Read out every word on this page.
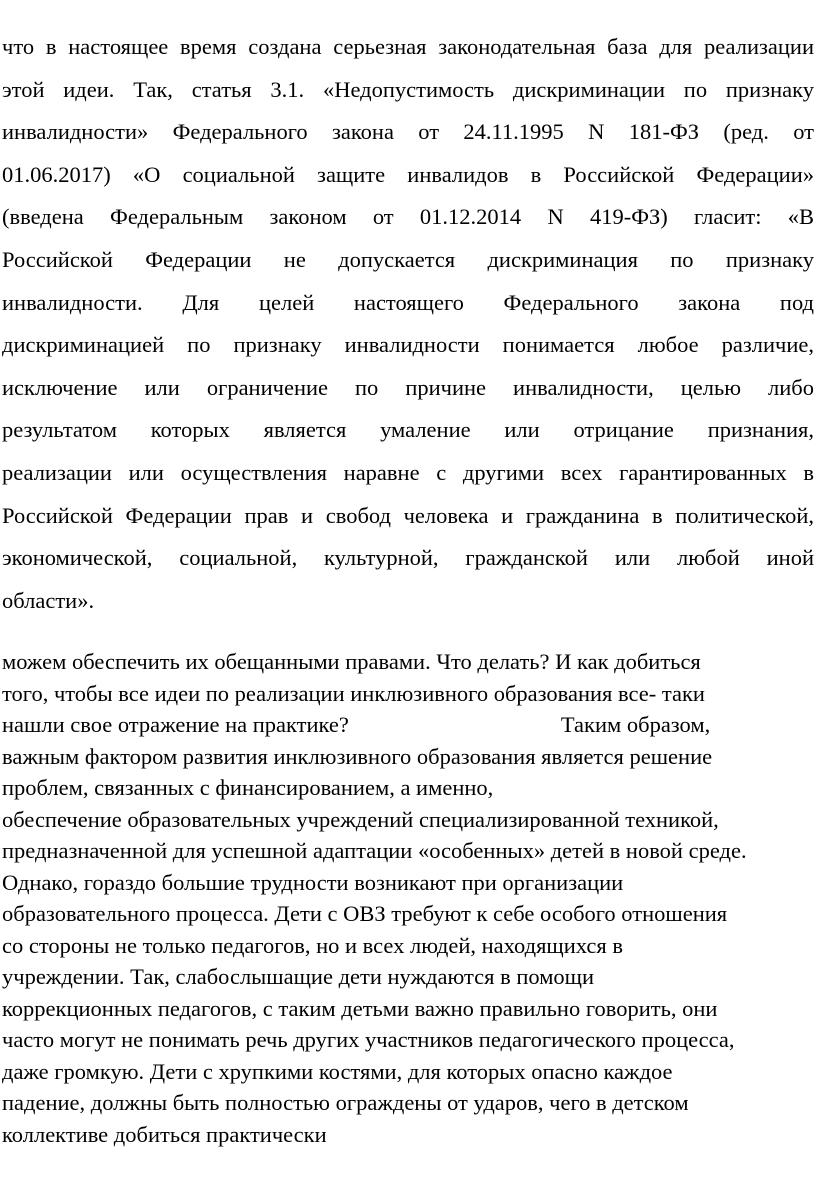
что в настоящее время создана серьезная законодательная база для реализации
этой идеи. Так, статья 3.1. «Недопустимость дискриминации по признаку
инвалидности» Федерального закона от 24.11.1995 N 181-ФЗ (ред. от
01.06.2017) «О социальной защите инвалидов в Российской Федерации»
(введена Федеральным законом от 01.12.2014 N 419-ФЗ) гласит: «В
Российской Федерации не допускается дискриминация по признаку
инвалидности. Для целей настоящего Федерального закона под
дискриминацией по признаку инвалидности понимается любое различие,
исключение или ограничение по причине инвалидности, целью либо
результатом которых является умаление или отрицание признания,
реализации или осуществления наравне с другими всех гарантированных в
Российской Федерации прав и свобод человека и гражданина в политической,
экономической, социальной, культурной, гражданской или любой иной
области».
можем обеспечить их обещанными правами. Что делать? И как добиться
того, чтобы все идеи по реализации инклюзивного образования все- таки
нашли свое отражение на практике?	Таким образом,
важным фактором развития инклюзивного образования является решение
проблем, связанных с финансированием, а именно,
обеспечение образовательных учреждений специализированной техникой,
предназначенной для успешной адаптации «особенных» детей в новой среде.
Однако, гораздо большие трудности возникают при организации
образовательного процесса. Дети с ОВЗ требуют к себе особого отношения
со стороны не только педагогов, но и всех людей, находящихся в
учреждении. Так, слабослышащие дети нуждаются в помощи
коррекционных педагогов, с таким детьми важно правильно говорить, они
часто могут не понимать речь других участников педагогического процесса,
даже громкую. Дети с хрупкими костями, для которых опасно каждое
падение, должны быть полностью ограждены от ударов, чего в детском
коллективе добиться практически
